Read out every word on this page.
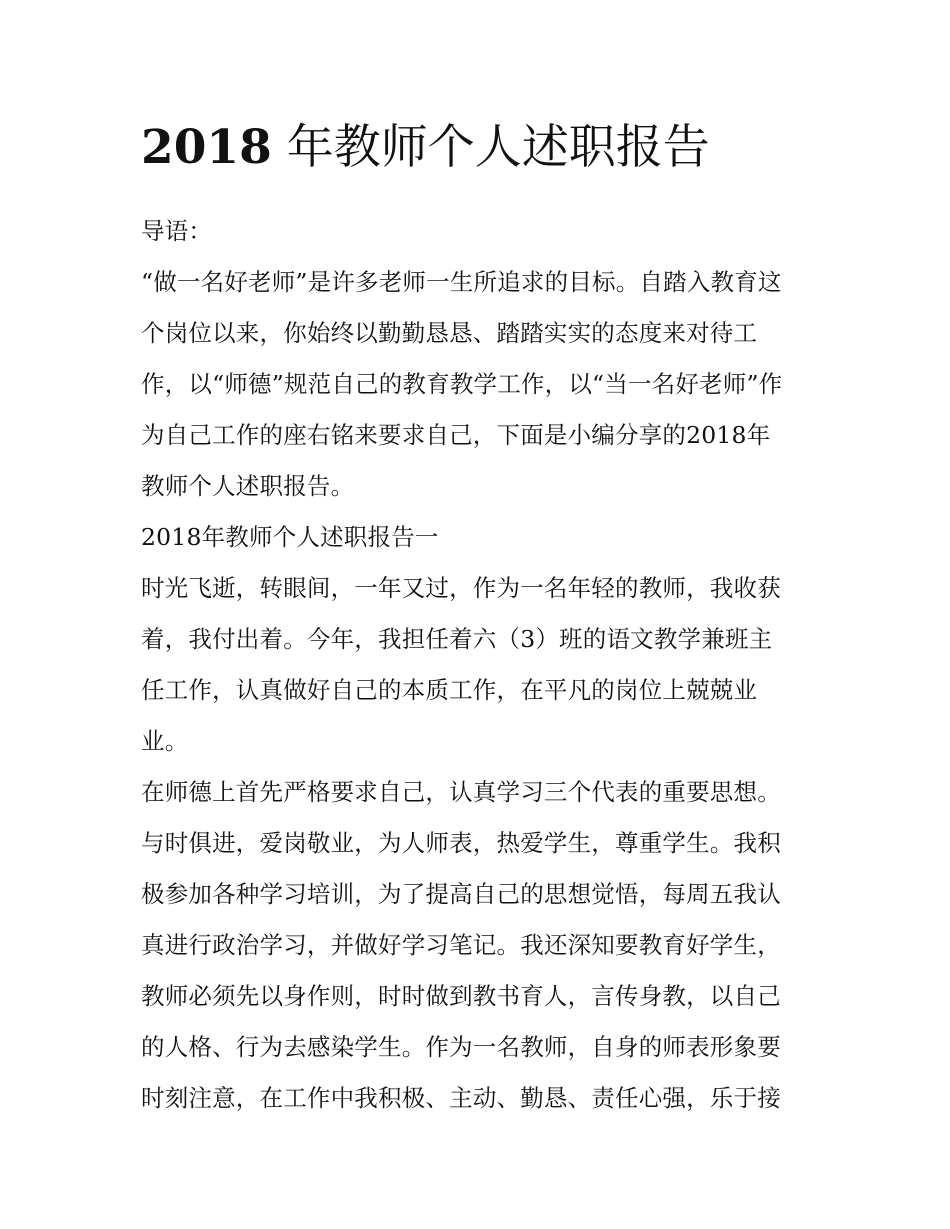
2018 年教师个人述职报告
导语：
“做一名好老师”是许多老师一生所追求的目标。自踏入教育这
个岗位以来，你始终以勤勤恳恳、踏踏实实的态度来对待工
作，以“师德”规范自己的教育教学工作，以“当一名好老师”作
为自己工作的座右铭来要求自己，下面是小编分享的2018年
教师个人述职报告。
2018年教师个人述职报告一
时光飞逝，转眼间，一年又过，作为一名年轻的教师，我收获
着，我付出着。今年，我担任着六（3）班的语文教学兼班主
任工作，认真做好自己的本质工作，在平凡的岗位上兢兢业
业。
在师德上首先严格要求自己，认真学习三个代表的重要思想。
与时俱进，爱岗敬业，为人师表，热爱学生，尊重学生。我积
极参加各种学习培训，为了提高自己的思想觉悟，每周五我认
真进行政治学习，并做好学习笔记。我还深知要教育好学生，
教师必须先以身作则，时时做到教书育人，言传身教，以自己
的人格、行为去感染学生。作为一名教师，自身的师表形象要
时刻注意，在工作中我积极、主动、勤恳、责任心强，乐于接
